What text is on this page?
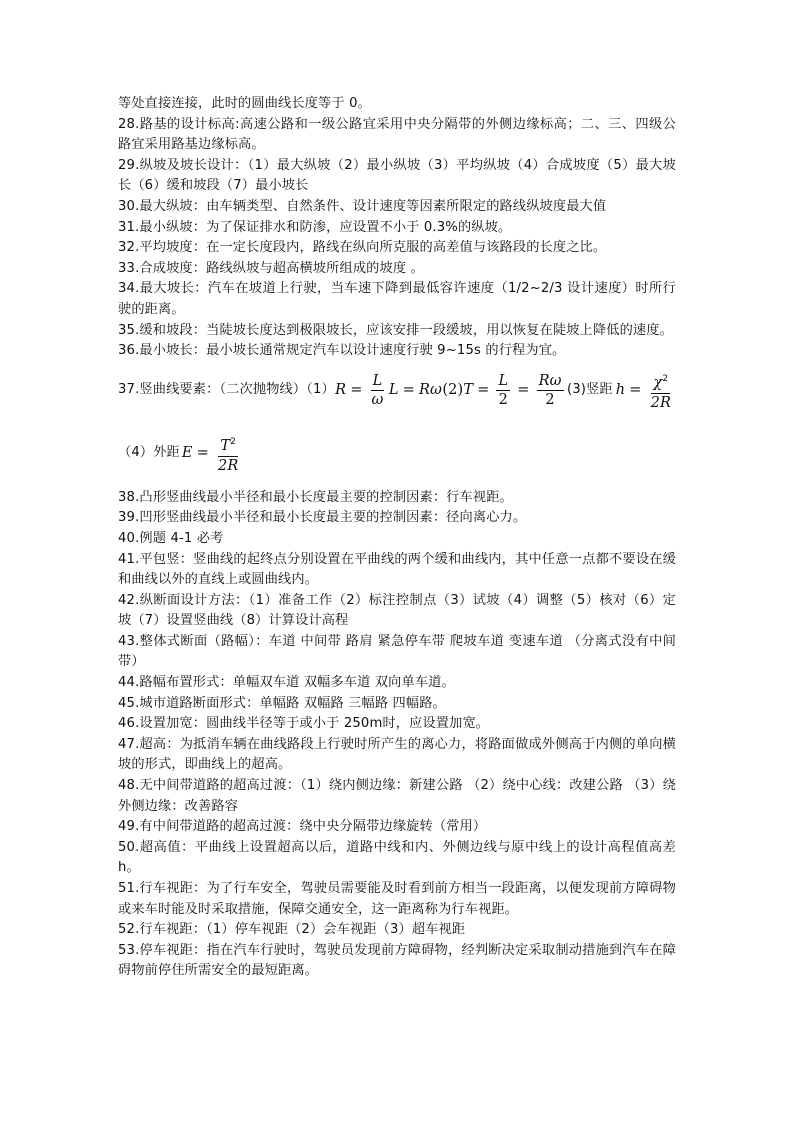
等处直接连接，此时的圆曲线长度等于 0。

28.路基的设计标高:高速公路和一级公路宜采用中央分隔带的外侧边缘标高；二、三、四级公路宜采用路基边缘标高。

29.纵坡及坡长设计：（1）最大纵坡（2）最小纵坡（3）平均纵坡（4）合成坡度（5）最大坡长（6）缓和坡段（7）最小坡长

30.最大纵坡：由车辆类型、自然条件、设计速度等因素所限定的路线纵坡度最大值

31.最小纵坡：为了保证排水和防渗，应设置不小于 0.3%的纵坡。

32.平均坡度：在一定长度段内，路线在纵向所克服的高差值与该路段的长度之比。

33.合成坡度：路线纵坡与超高横坡所组成的坡度 。

34.最大坡长：汽车在坡道上行驶，当车速下降到最低容许速度（1/2~2/3 设计速度）时所行驶的距离。

35.缓和坡段：当陡坡长度达到极限坡长，应该安排一段缓坡，用以恢复在陡坡上降低的速度。

36.最小坡长：最小坡长通常规定汽车以设计速度行驶 9~15s 的行程为宜。

37.竖曲线要素：（二次抛物线）（1） $R = \frac{L}{\omega}$ L = Rω (2) $T = \frac{L}{2} = \frac{R\omega}{2} (3)$竖距 $h = \frac{\chi^2}{2R}$
（4）外距 $E = \frac{T^2}{2R}$

38.凸形竖曲线最小半径和最小长度最主要的控制因素：行车视距。

39.凹形竖曲线最小半径和最小长度最主要的控制因素：径向离心力。

40.例题 4-1 必考

41.平包竖：竖曲线的起终点分别设置在平曲线的两个缓和曲线内，其中任意一点都不要设在缓和曲线以外的直线上或圆曲线内。

42.纵断面设计方法：（1）准备工作（2）标注控制点（3）试坡（4）调整（5）核对（6）定坡（7）设置竖曲线（8）计算设计高程

43.整体式断面（路幅）：车道 中间带 路肩 紧急停车带 爬坡车道 变速车道 （分离式没有中间带）

44.路幅布置形式：单幅双车道 双幅多车道 双向单车道。

45.城市道路断面形式：单幅路 双幅路 三幅路 四幅路。

46.设置加宽：圆曲线半径等于或小于 250m时，应设置加宽。

47.超高：为抵消车辆在曲线路段上行驶时所产生的离心力，将路面做成外侧高于内侧的单向横坡的形式，即曲线上的超高。

48.无中间带道路的超高过渡：（1）绕内侧边缘：新建公路 （2）绕中心线：改建公路 （3）绕外侧边缘：改善路容

49.有中间带道路的超高过渡：绕中央分隔带边缘旋转（常用）

50.超高值：平曲线上设置超高以后，道路中线和内、外侧边线与原中线上的设计高程值高差 h。

51.行车视距：为了行车安全，驾驶员需要能及时看到前方相当一段距离，以便发现前方障碍物或来车时能及时采取措施，保障交通安全，这一距离称为行车视距。

52.行车视距：（1）停车视距（2）会车视距（3）超车视距

53.停车视距：指在汽车行驶时，驾驶员发现前方障碍物，经判断决定采取制动措施到汽车在障碍物前停住所需安全的最短距离。
